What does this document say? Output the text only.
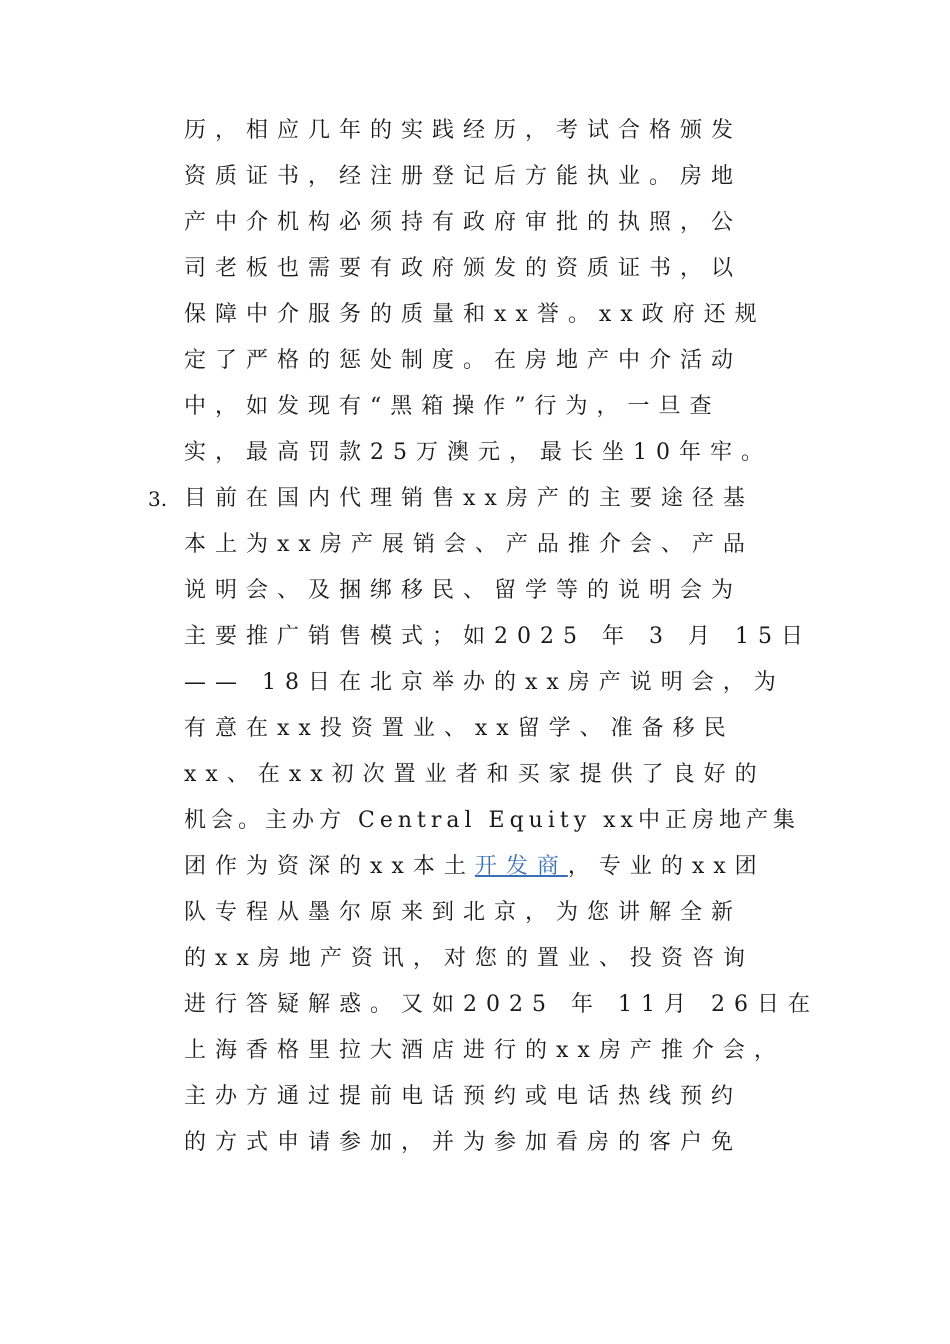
历，相应几年的实践经历，考试合格颁发
资质证书，经注册登记后方能执业。房地
产中介机构必须持有政府审批的执照，公
司老板也需要有政府颁发的资质证书，以
保障中介服务的质量和xx誉。xx政府还规
定了严格的惩处制度。在房地产中介活动
中，如发现有“黑箱操作”行为，一旦查
实，最高罚款25万澳元，最长坐10年牢。
3. 目前在国内代理销售xx房产的主要途径基
本上为xx房产展销会、产品推介会、产品
说明会、及捆绑移民、留学等的说明会为
主要推广销售模式；如2025 年 3 月 15日
—— 18日在北京举办的xx房产说明会，为
有意在xx投资置业、xx留学、准备移民
xx、在xx初次置业者和买家提供了良好的
机会。主办方 Central Equity xx中正房地产集
团作为资深的xx本土开发商，专业的xx团
队专程从墨尔原来到北京，为您讲解全新
的xx房地产资讯，对您的置业、投资咨询
进行答疑解惑。又如2025 年 11月 26日在
上海香格里拉大酒店进行的xx房产推介会，
主办方通过提前电话预约或电话热线预约
的方式申请参加，并为参加看房的客户免
